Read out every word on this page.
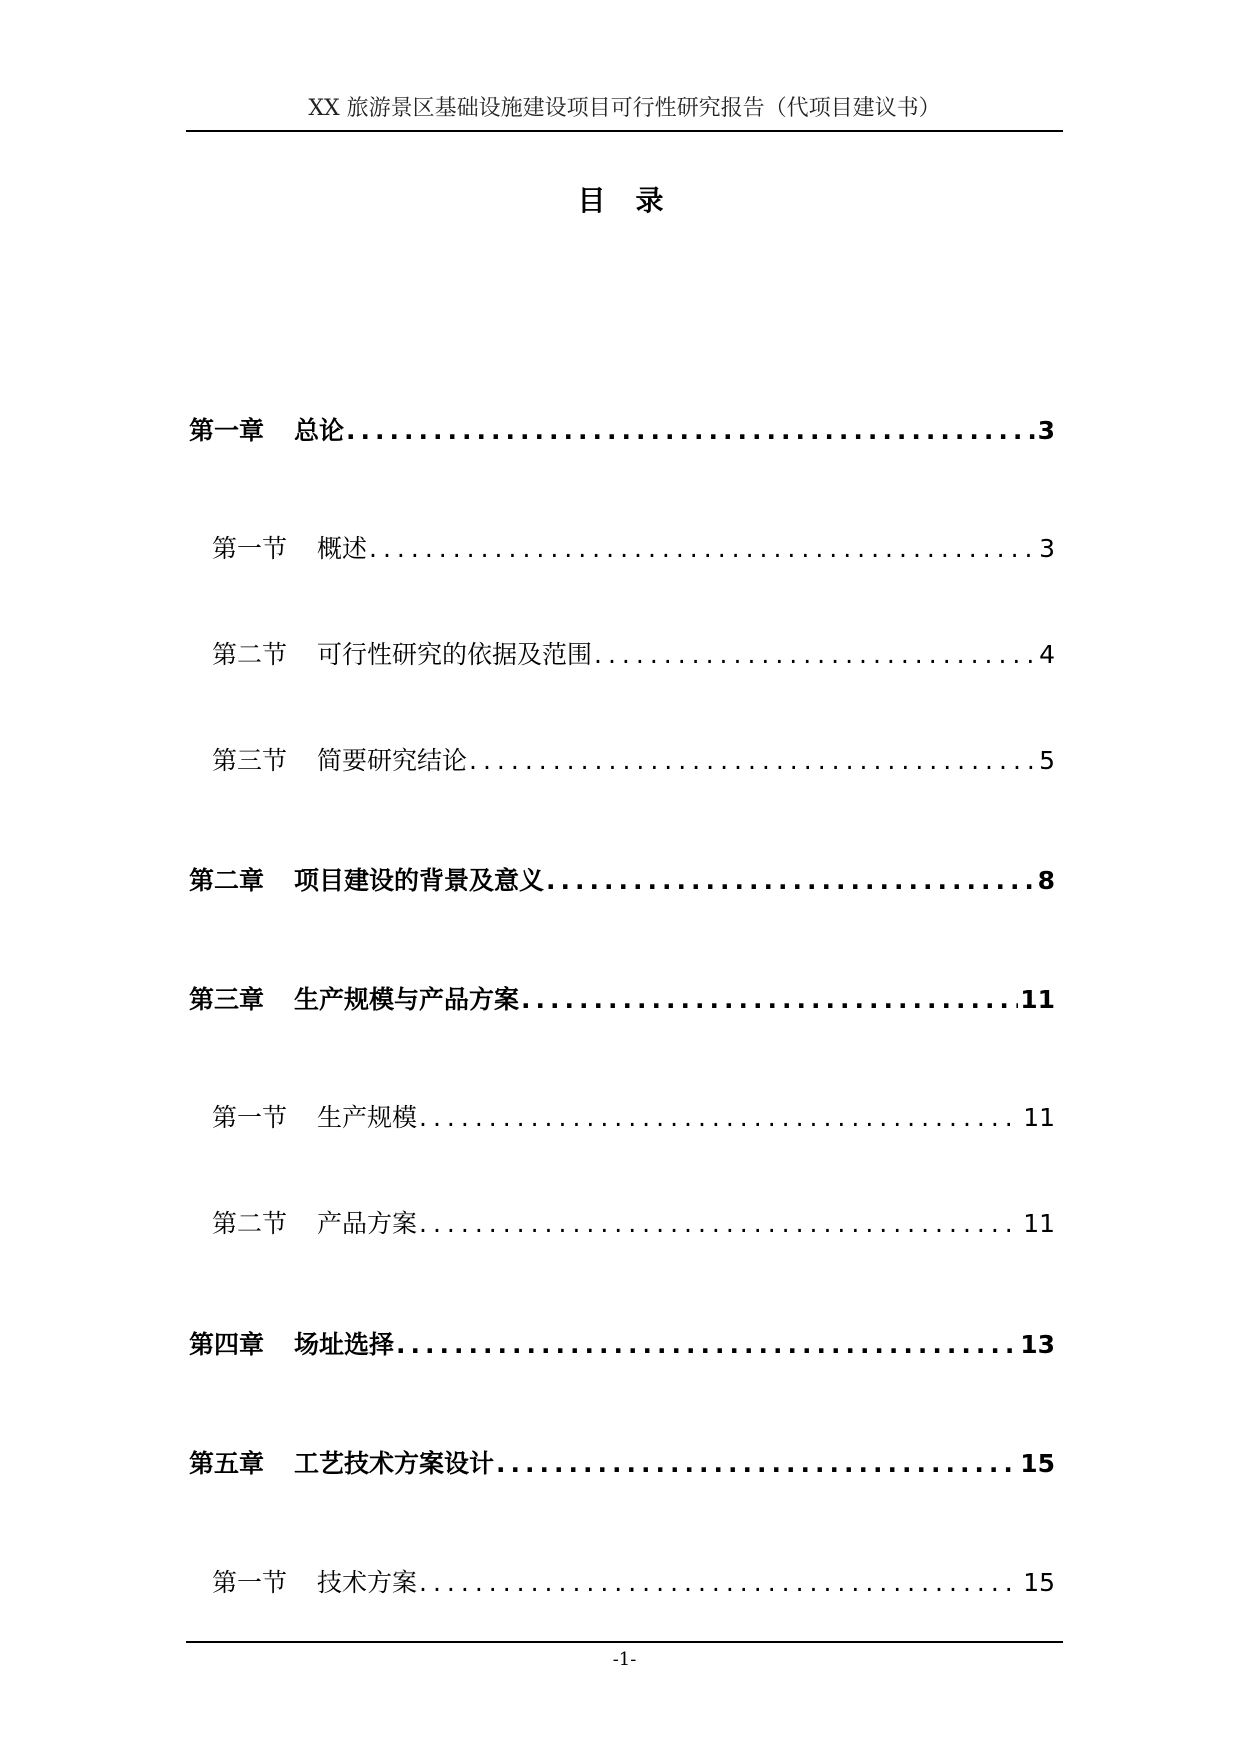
XX 旅游景区基础设施建设项目可行性研究报告（代项目建议书）
目录
第一章 总论 .....	3
第一节 概述 .....	3
第二节 可行性研究的依据及范围 .....	4
第三节 简要研究结论 .....	5
第二章 项目建设的背景及意义 .....	8
第三章 生产规模与产品方案 .....	11
第一节 生产规模 .....	11
第二节 产品方案 .....	11
第四章 场址选择 .....	13
第五章 工艺技术方案设计 .....	15
第一节 技术方案 .....	15
-1-
